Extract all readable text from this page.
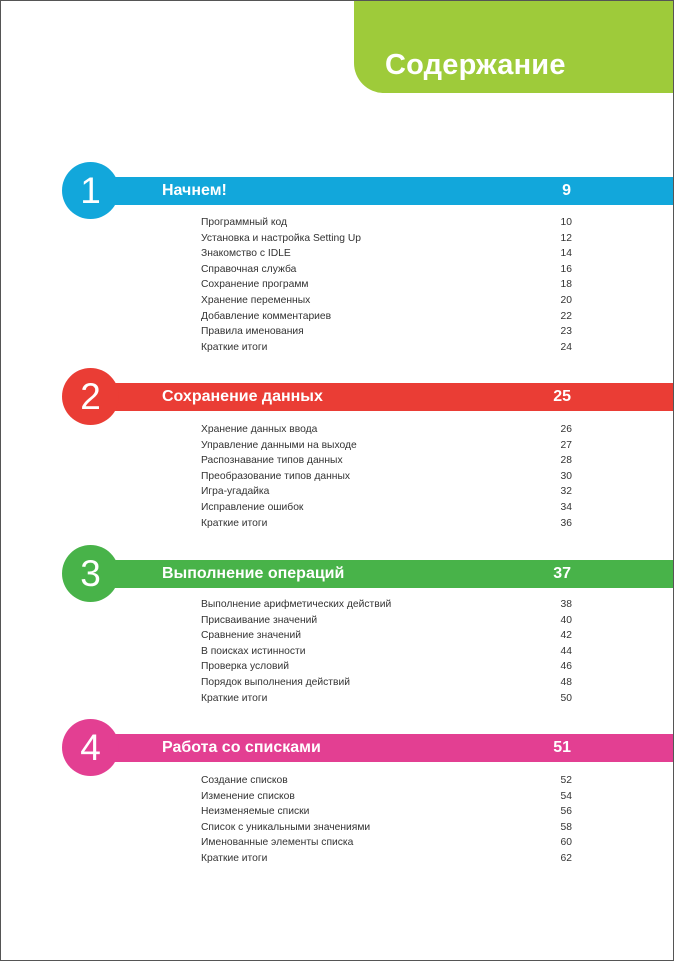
Содержание
1	Начнем!	9
Программный код	10
Установка и настройка Setting Up	12
Знакомство с IDLE	14
Справочная служба	16
Сохранение программ	18
Хранение переменных	20
Добавление комментариев	22
Правила именования	23
Краткие итоги	24
2	Сохранение данных	25
Хранение данных ввода	26
Управление данными на выходе	27
Распознавание типов данных	28
Преобразование типов данных	30
Игра-угадайка	32
Исправление ошибок	34
Краткие итоги	36
3	Выполнение операций	37
Выполнение арифметических действий	38
Присваивание значений	40
Сравнение значений	42
В поисках истинности	44
Проверка условий	46
Порядок выполнения действий	48
Краткие итоги	50
4	Работа со списками	51
Создание списков	52
Изменение списков	54
Неизменяемые списки	56
Список с уникальными значениями	58
Именованные элементы списка	60
Краткие итоги	62
